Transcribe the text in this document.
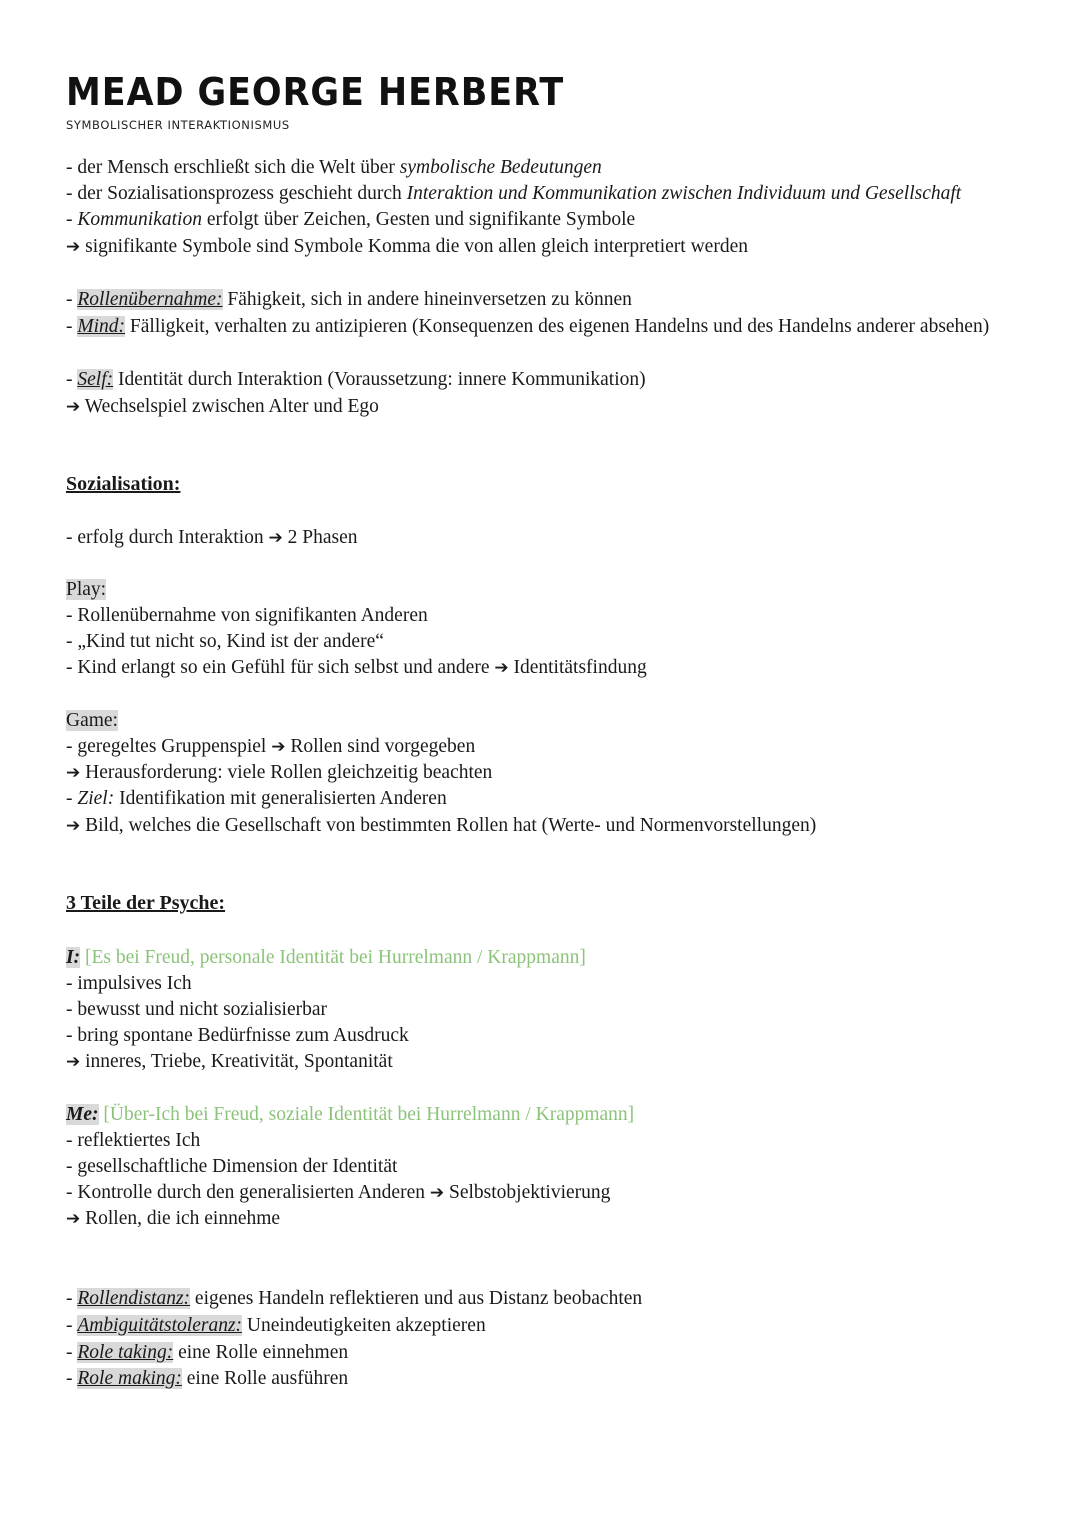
MEAD GEORGE HERBERT
SYMBOLISCHER INTERAKTIONISMUS
- der Mensch erschließt sich die Welt über symbolische Bedeutungen
- der Sozialisationsprozess geschieht durch Interaktion und Kommunikation zwischen Individuum und Gesellschaft
- Kommunikation erfolgt über Zeichen, Gesten und signifikante Symbole
➔ signifikante Symbole sind Symbole Komma die von allen gleich interpretiert werden
- Rollenübernahme: Fähigkeit, sich in andere hineinversetzen zu können
- Mind: Fälligkeit, verhalten zu antizipieren (Konsequenzen des eigenen Handelns und des Handelns anderer absehen)
- Self: Identität durch Interaktion (Voraussetzung: innere Kommunikation)
➔ Wechselspiel zwischen Alter und Ego
Sozialisation:
- erfolg durch Interaktion ➔ 2 Phasen
Play:
- Rollenübernahme von signifikanten Anderen
- „Kind tut nicht so, Kind ist der andere“
- Kind erlangt so ein Gefühl für sich selbst und andere ➔ Identitätsfindung
Game:
- geregeltes Gruppenspiel ➔ Rollen sind vorgegeben
➔ Herausforderung: viele Rollen gleichzeitig beachten
- Ziel: Identifikation mit generalisierten Anderen
➔ Bild, welches die Gesellschaft von bestimmten Rollen hat (Werte- und Normenvorstellungen)
3 Teile der Psyche:
I: [Es bei Freud, personale Identität bei Hurrelmann / Krappmann]
- impulsives Ich
- bewusst und nicht sozialisierbar
- bring spontane Bedürfnisse zum Ausdruck
➔ inneres, Triebe, Kreativität, Spontanität
Me: [Über-Ich bei Freud, soziale Identität bei Hurrelmann / Krappmann]
- reflektiertes Ich
- gesellschaftliche Dimension der Identität
- Kontrolle durch den generalisierten Anderen ➔ Selbstobjektivierung
➔ Rollen, die ich einnehme
- Rollendistanz: eigenes Handeln reflektieren und aus Distanz beobachten
- Ambiguitätstoleranz: Uneindeutigkeiten akzeptieren
- Role taking: eine Rolle einnehmen
- Role making: eine Rolle ausführen
